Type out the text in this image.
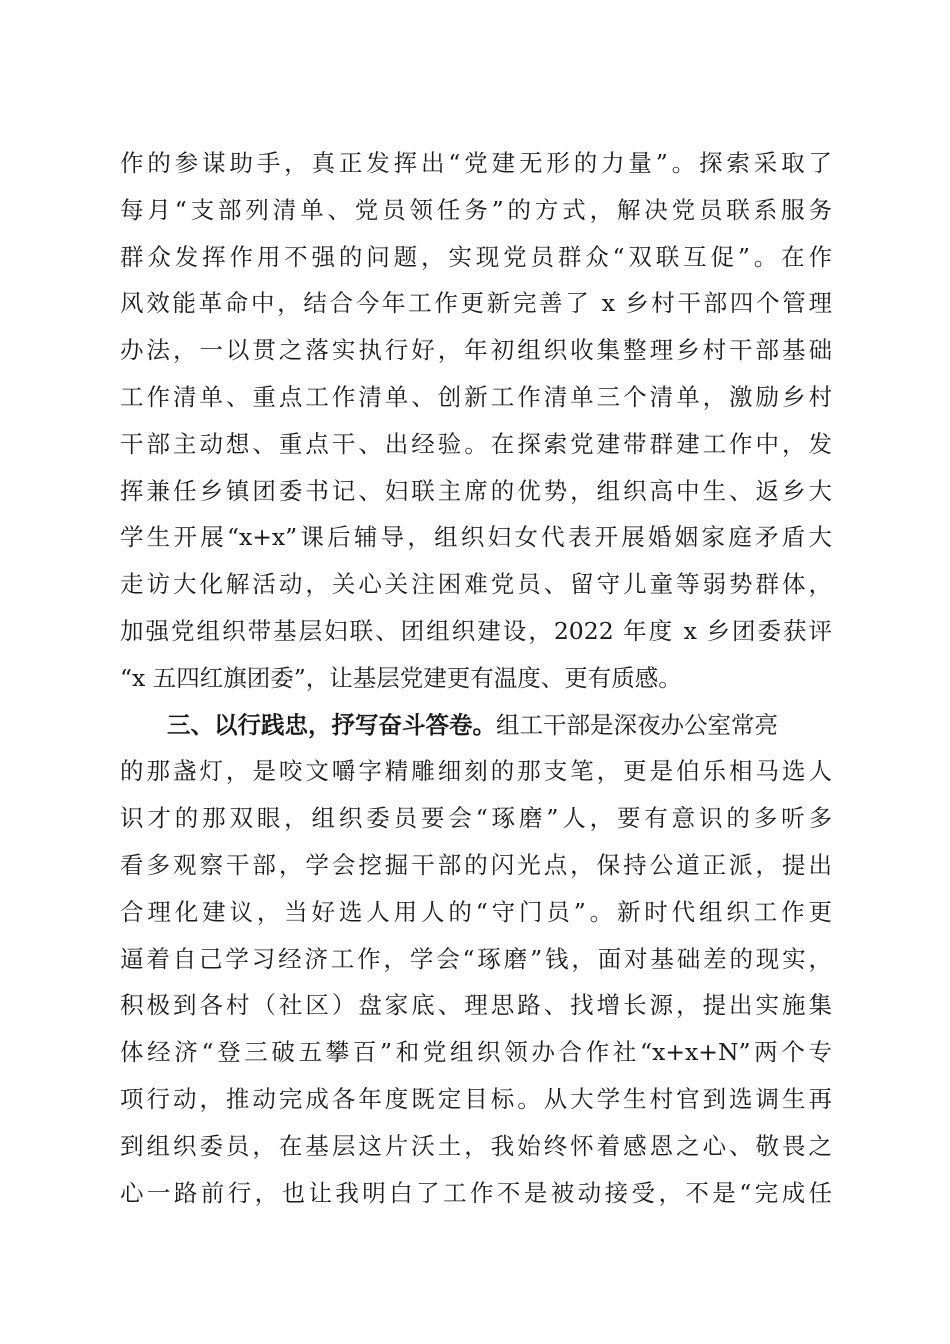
作的参谋助手，真正发挥出“党建无形的力量”。探索采取了
每月“支部列清单、党员领任务”的方式，解决党员联系服务
群众发挥作用不强的问题，实现党员群众“双联互促”。在作
风效能革命中，结合今年工作更新完善了 x 乡村干部四个管理
办法，一以贯之落实执行好，年初组织收集整理乡村干部基础
工作清单、重点工作清单、创新工作清单三个清单，激励乡村
干部主动想、重点干、出经验。在探索党建带群建工作中，发
挥兼任乡镇团委书记、妇联主席的优势，组织高中生、返乡大
学生开展“x+x”课后辅导，组织妇女代表开展婚姻家庭矛盾大
走访大化解活动，关心关注困难党员、留守儿童等弱势群体，
加强党组织带基层妇联、团组织建设，2022 年度 x 乡团委获评
“x 五四红旗团委”，让基层党建更有温度、更有质感。
三、以行践忠，抒写奋斗答卷。 组工干部是深夜办公室常亮
的那盏灯，是咬文嚼字精雕细刻的那支笔，更是伯乐相马选人
识才的那双眼，组织委员要会“琢磨”人，要有意识的多听多
看多观察干部，学会挖掘干部的闪光点，保持公道正派，提出
合理化建议，当好选人用人的“守门员”。新时代组织工作更
逼着自己学习经济工作，学会“琢磨”钱，面对基础差的现实，
积极到各村（社区）盘家底、理思路、找增长源，提出实施集
体经济“登三破五攀百”和党组织领办合作社“x+x+N”两个专
项行动，推动完成各年度既定目标。从大学生村官到选调生再
到组织委员，在基层这片沃土，我始终怀着感恩之心、敬畏之
心一路前行，也让我明白了工作不是被动接受，不是“完成任
